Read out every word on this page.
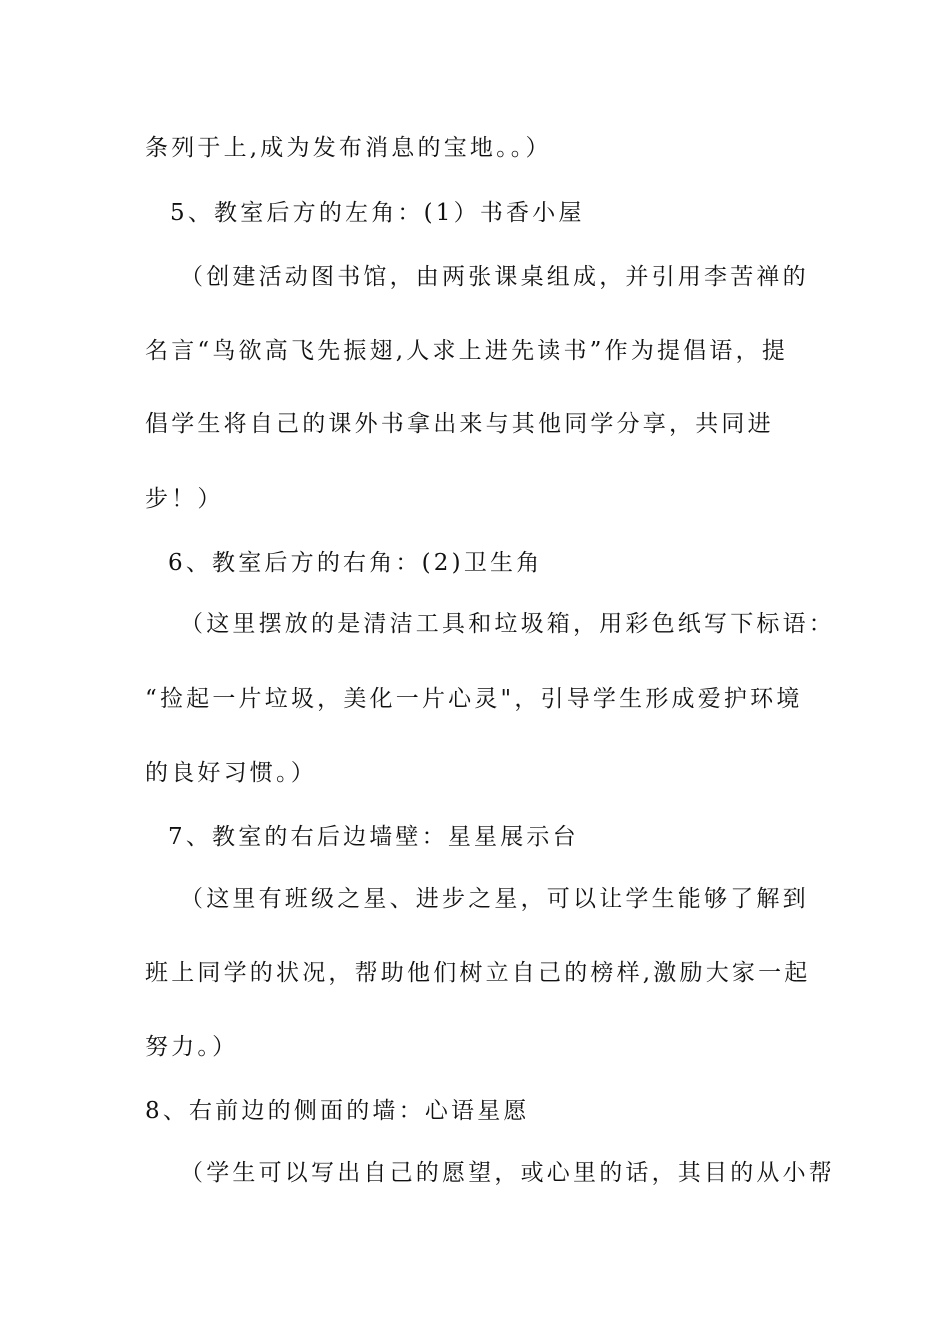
条列于上,成为发布消息的宝地。。）
5、教室后方的左角：(1）书香小屋
（创建活动图书馆，由两张课桌组成，并引用李苦禅的
名言“鸟欲高飞先振翅,人求上进先读书”作为提倡语，提
倡学生将自己的课外书拿出来与其他同学分享，共同进
步！）
6、教室后方的右角：(2)卫生角
（这里摆放的是清洁工具和垃圾箱，用彩色纸写下标语：
“捡起一片垃圾，美化一片心灵"，引导学生形成爱护环境
的良好习惯。）
7、教室的右后边墙壁：星星展示台
（这里有班级之星、进步之星，可以让学生能够了解到
班上同学的状况，帮助他们树立自己的榜样,激励大家一起
努力。）
8、右前边的侧面的墙：心语星愿
（学生可以写出自己的愿望，或心里的话，其目的从小帮
